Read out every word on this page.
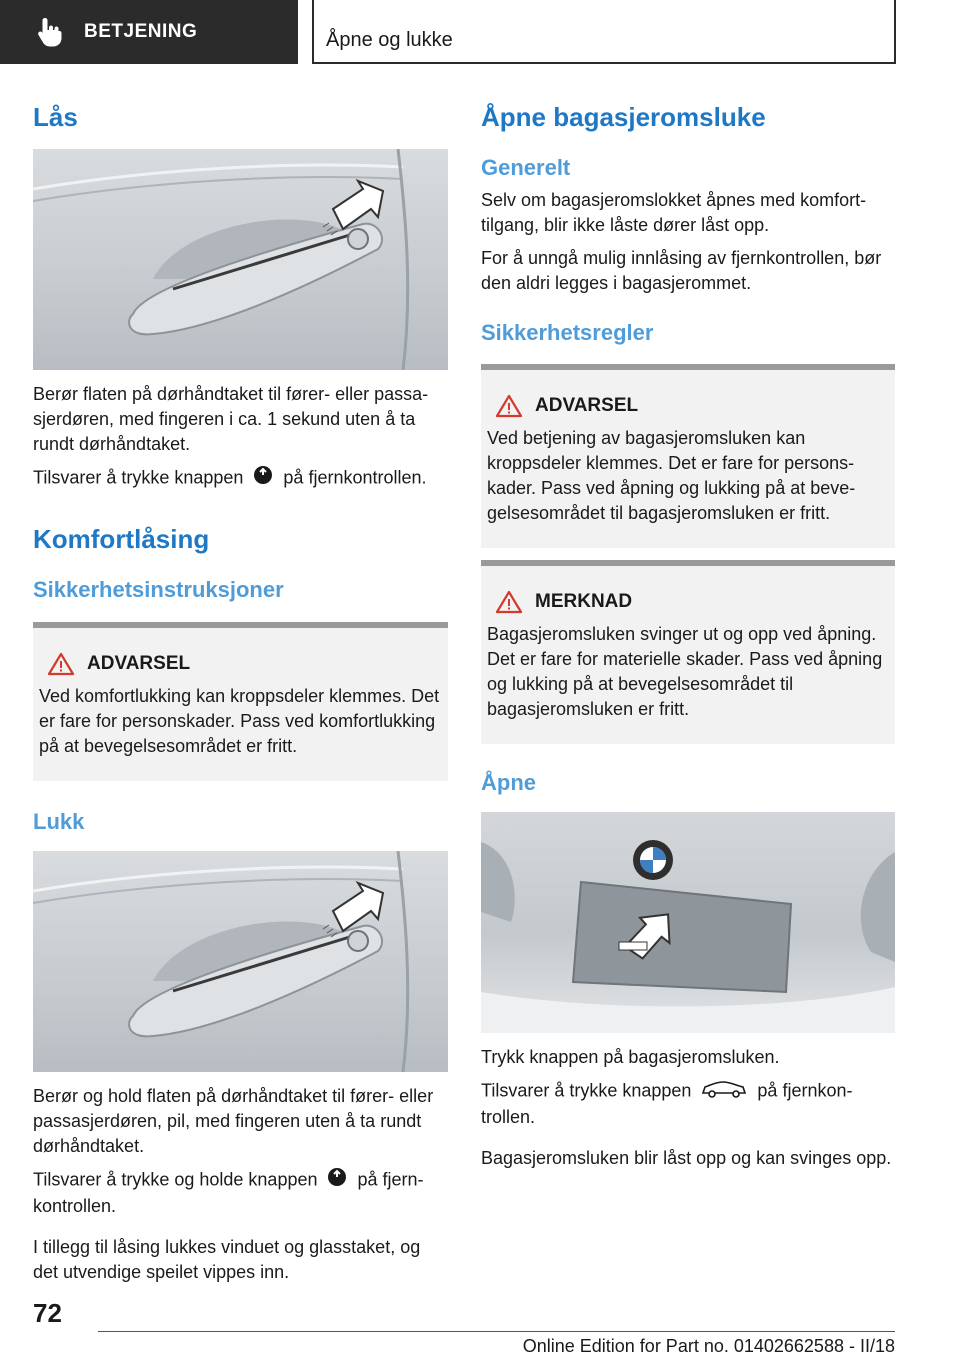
BETJENING	Åpne og lukke
Lås

Berør flaten på dørhåndtaket til fører- eller passasjerdøren, med fingeren i ca. 1 sekund uten å ta rundt dørhåndtaket.

Tilsvarer å trykke knappen på fjernkontrollen.

Komfortlåsing
Sikkerhetsinstruksjoner
ADVARSEL

Ved komfortlukking kan kroppsdeler klemmes. Det er fare for personskader. Pass ved komfortlukking på at bevegelsesområdet er fritt.

Lukk

Berør og hold flaten på dørhåndtaket til fører- eller passasjerdøren, pil, med fingeren uten å ta rundt dørhåndtaket.

Tilsvarer å trykke og holde knappen på fjernkontrollen.

I tillegg til låsing lukkes vinduet og glasstaket, og det utvendige speilet vippes inn.

Åpne bagasjeromsluke
Generelt

Selv om bagasjeromslokket åpnes med komforttilgang, blir ikke låste dører låst opp.

For å unngå mulig innlåsing av fjernkontrollen, bør den aldri legges i bagasjerommet.

Sikkerhetsregler
ADVARSEL

Ved betjening av bagasjeromsluken kan kroppsdeler klemmes. Det er fare for personskader. Pass ved åpning og lukking på at bevegelsesområdet til bagasjeromsluken er fritt.

MERKNAD

Bagasjeromsluken svinger ut og opp ved åpning. Det er fare for materielle skader. Pass ved åpning og lukking på at bevegelsesområdet til bagasjeromsluken er fritt.

Åpne

Trykk knappen på bagasjeromsluken.

Tilsvarer å trykke knappen	på fjernkontrollen.

Bagasjeromsluken blir låst opp og kan svinges opp.

72
Online Edition for Part no. 01402662588 - II/18
